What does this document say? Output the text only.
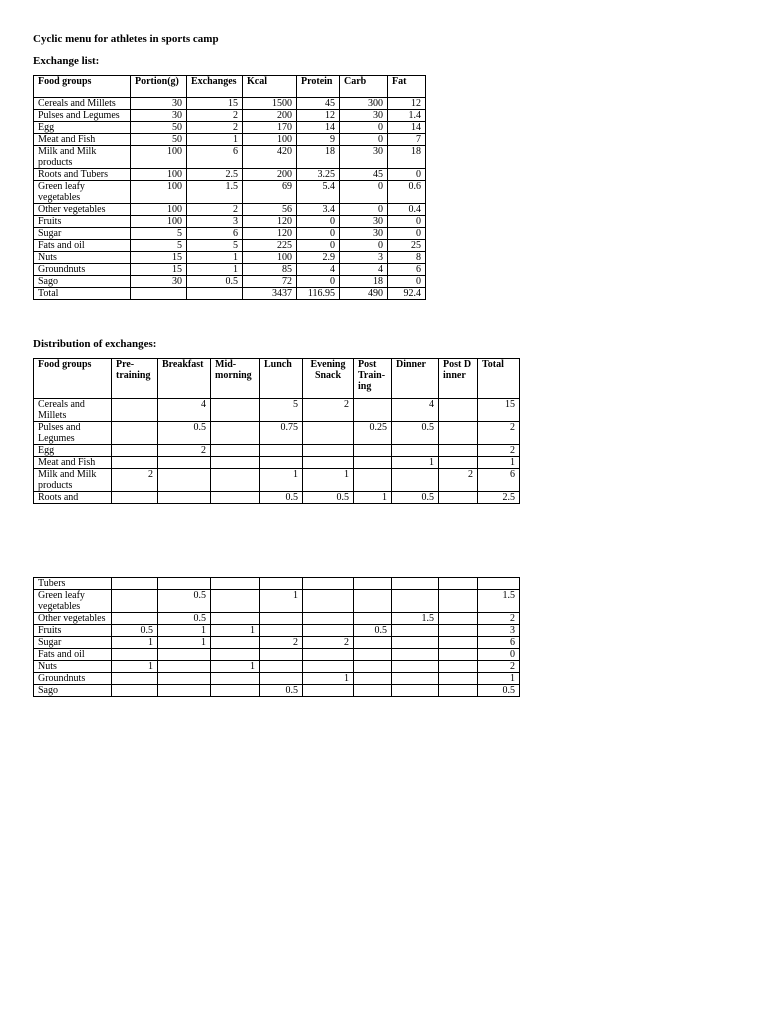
Cyclic menu for athletes in sports camp
Exchange list:
Food groups	Portion(g)	Exchanges	Kcal	Protein	Carb	Fat
Cereals and Millets	30	15	1500	45	300	12
Pulses and Legumes	30	2	200	12	30	1.4
Egg	50	2	170	14	0	14
Meat and Fish	50	1	100	9	0	7
Milk and Milk products	100	6	420	18	30	18
Roots and Tubers	100	2.5	200	3.25	45	0
Green leafy vegetables	100	1.5	69	5.4	0	0.6
Other vegetables	100	2	56	3.4	0	0.4
Fruits	100	3	120	0	30	0
Sugar	5	6	120	0	30	0
Fats and oil	5	5	225	0	0	25
Nuts	15	1	100	2.9	3	8
Groundnuts	15	1	85	4	4	6
Sago	30	0.5	72	0	18	0
Total			3437	116.95	490	92.4
Distribution of exchanges:
Food groups	Pre-training	Breakfast	Mid-morning	Lunch	Evening Snack	Post Train-ing	Dinner	Post Dinner	Total
Cereals and Millets		4		5	2		4		15
Pulses and Legumes		0.5		0.75		0.25	0.5		2
Egg		2							2
Meat and Fish							1		1
Milk and Milk products	2			1	1			2	6
Roots and				0.5	0.5	1	0.5		2.5
Tubers									
Green leafy vegetables		0.5		1					1.5
Other vegetables		0.5					1.5		2
Fruits	0.5	1	1			0.5			3
Sugar	1	1		2	2				6
Fats and oil									0
Nuts	1		1						2
Groundnuts					1				1
Sago				0.5					0.5
